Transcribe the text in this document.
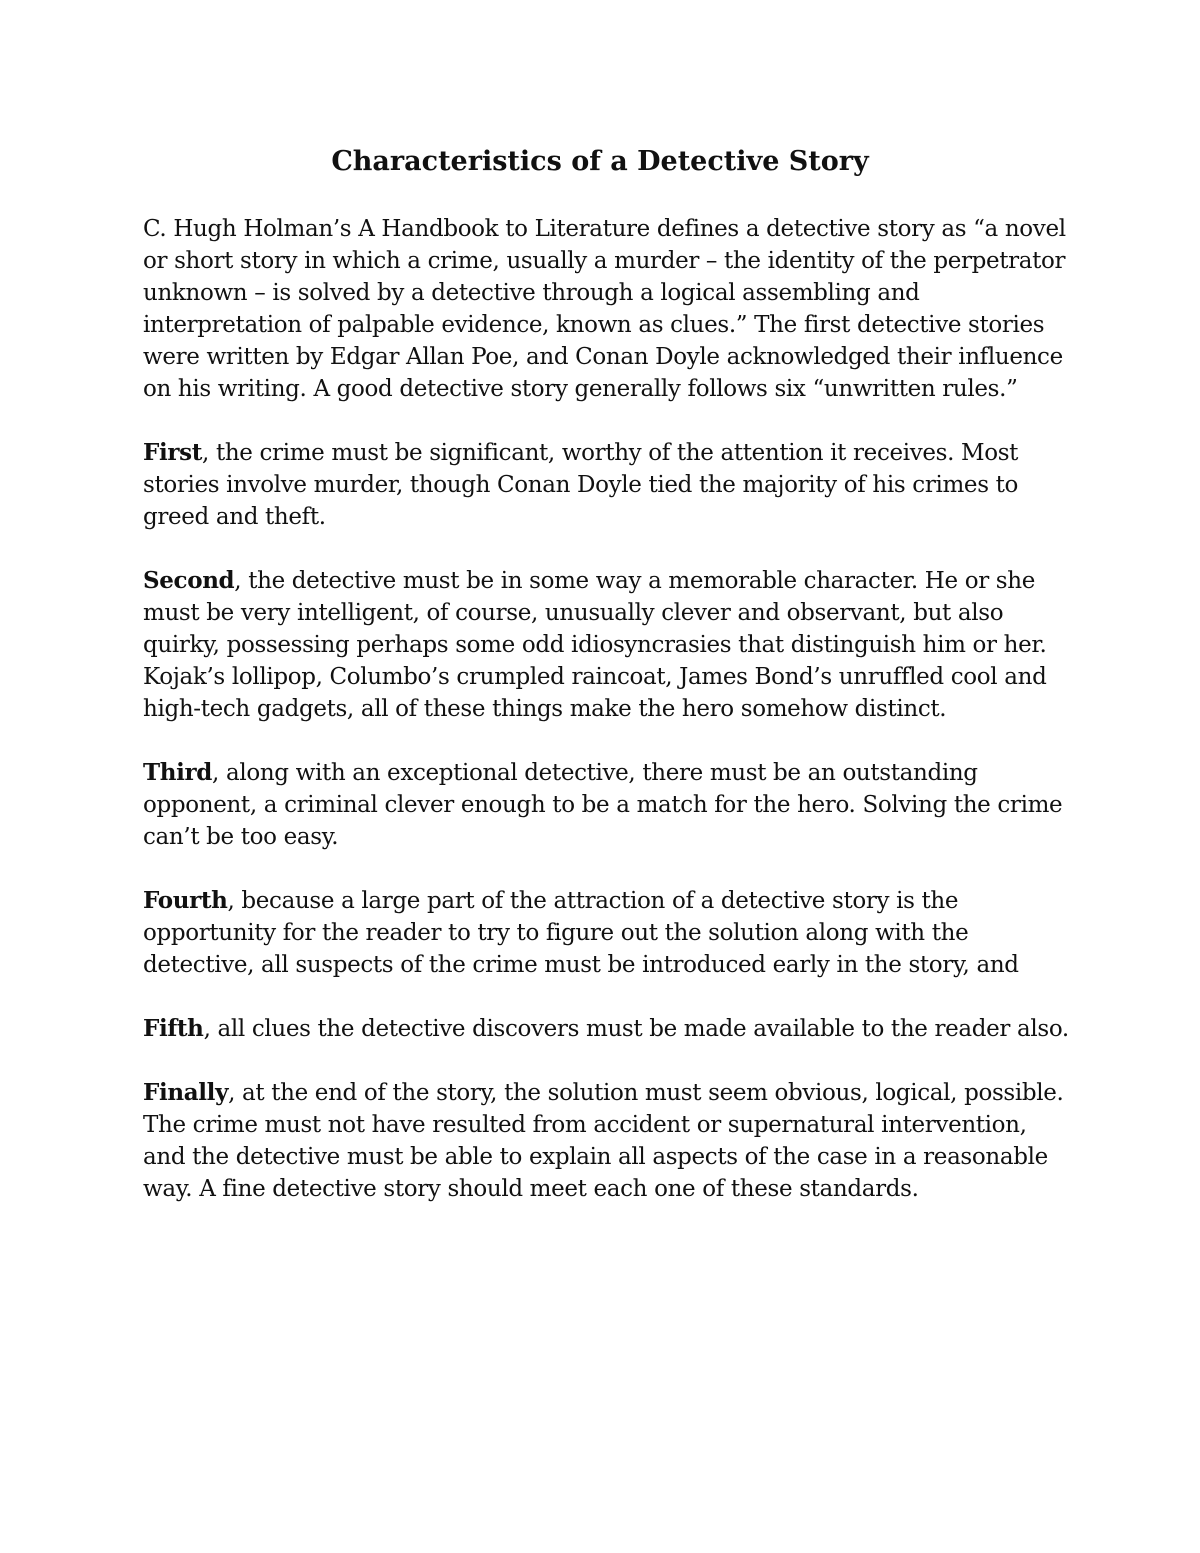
Characteristics of a Detective Story

C. Hugh Holman’s A Handbook to Literature defines a detective story as “a novel or short story in which a crime, usually a murder – the identity of the perpetrator unknown – is solved by a detective through a logical assembling and interpretation of palpable evidence, known as clues.” The first detective stories were written by Edgar Allan Poe, and Conan Doyle acknowledged their influence on his writing. A good detective story generally follows six “unwritten rules.”

First, the crime must be significant, worthy of the attention it receives. Most stories involve murder, though Conan Doyle tied the majority of his crimes to greed and theft.

Second, the detective must be in some way a memorable character. He or she must be very intelligent, of course, unusually clever and observant, but also quirky, possessing perhaps some odd idiosyncrasies that distinguish him or her. Kojak’s lollipop, Columbo’s crumpled raincoat, James Bond’s unruffled cool and high-tech gadgets, all of these things make the hero somehow distinct.

Third, along with an exceptional detective, there must be an outstanding opponent, a criminal clever enough to be a match for the hero. Solving the crime can’t be too easy.

Fourth, because a large part of the attraction of a detective story is the opportunity for the reader to try to figure out the solution along with the detective, all suspects of the crime must be introduced early in the story, and

Fifth, all clues the detective discovers must be made available to the reader also.

Finally, at the end of the story, the solution must seem obvious, logical, possible. The crime must not have resulted from accident or supernatural intervention, and the detective must be able to explain all aspects of the case in a reasonable way. A fine detective story should meet each one of these standards.
